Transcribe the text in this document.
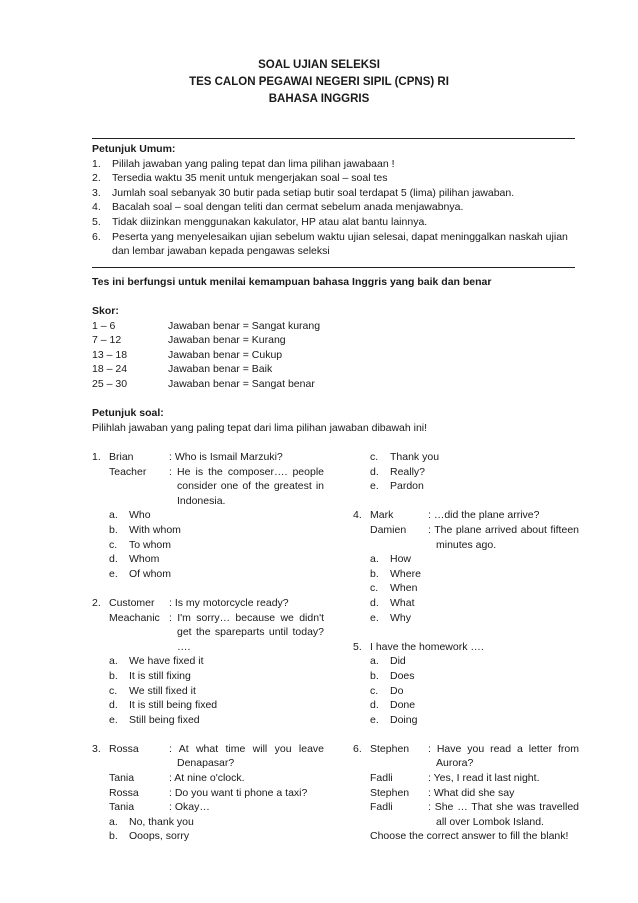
SOAL UJIAN SELEKSI
TES CALON PEGAWAI NEGERI SIPIL (CPNS) RI
BAHASA INGGRIS
Petunjuk Umum:
1.	Pililah jawaban yang paling tepat dan lima pilihan jawabaan !
2.	Tersedia waktu 35 menit untuk mengerjakan soal – soal tes
3.	Jumlah soal sebanyak 30 butir pada setiap butir soal terdapat 5 (lima) pilihan jawaban.
4.	Bacalah soal – soal dengan teliti dan cermat sebelum anada menjawabnya.
5.	Tidak diizinkan menggunakan kakulator, HP atau alat bantu lainnya.
6.	Peserta yang menyelesaikan ujian sebelum waktu ujian selesai, dapat meninggalkan naskah ujian dan lembar jawaban kepada pengawas seleksi
Tes ini berfungsi untuk menilai kemampuan bahasa Inggris yang baik dan benar
Skor:
1 – 6	Jawaban benar = Sangat kurang
7 – 12	Jawaban benar = Kurang
13 – 18	Jawaban benar = Cukup
18 – 24	Jawaban benar = Baik
25 – 30	Jawaban benar = Sangat benar
Petunjuk soal:
Pilihlah jawaban yang paling tepat dari lima pilihan jawaban dibawah ini!
1. Brian	: Who is Ismail Marzuki?
Teacher	: He is the composer…. people consider one of the greatest in Indonesia.
a.	Who
b.	With whom
c.	To whom
d.	Whom
e.	Of whom
2. Customer	: Is my motorcycle ready?
Meachanic : I'm sorry… because we didn't get the spareparts until today? ….
a.	We have fixed it
b.	It is still fixing
c.	We still fixed it
d.	It is still being fixed
e.	Still being fixed
3. Rossa	: At what time will you leave Denapasar?
Tania	: At nine o'clock.
Rossa	: Do you want ti phone a taxi?
Tania	: Okay…
a.	No, thank you
b.	Ooops, sorry
c.	Thank you
d.	Really?
e.	Pardon
4. Mark	: …did the plane arrive?
Damien	: The plane arrived about fifteen minutes ago.
a.	How
b.	Where
c.	When
d.	What
e.	Why
5. I have the homework ….
a.	Did
b.	Does
c.	Do
d.	Done
e.	Doing
6. Stephen	: Have you read a letter from Aurora?
Fadli	: Yes, I read it last night.
Stephen	: What did she say
Fadli	: She … That she was travelled all over Lombok Island.
Choose the correct answer to fill the blank!
